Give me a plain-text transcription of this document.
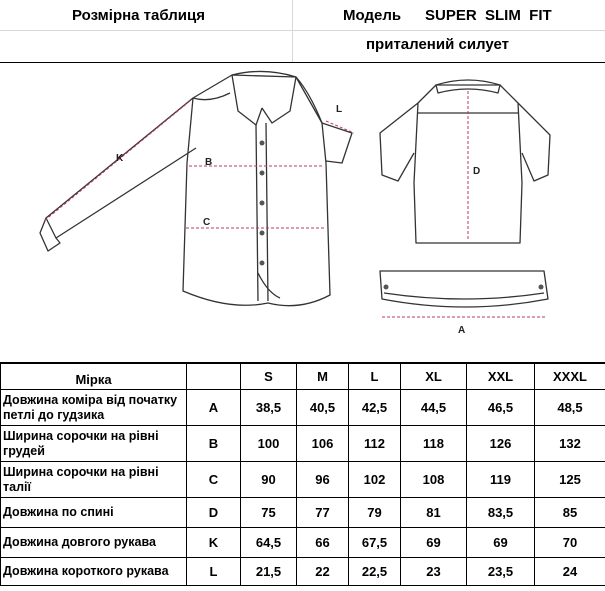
Розмірна таблиця	Модель SUPER  SLIM  FIT
приталений силует
K	B
C
L
D
A
Мірка		S	M	L	XL	XXL	XXXL
Довжина коміра від початку петлі до гудзика	A	38,5	40,5	42,5	44,5	46,5	48,5
Ширина сорочки на рівні грудей	B	100	106	112	118	126	132
Ширина сорочки на рівні талії	C	90	96	102	108	119	125
Довжина по спині	D	75	77	79	81	83,5	85
Довжина довгого рукава	K	64,5	66	67,5	69	69	70
Довжина короткого рукава	L	21,5	22	22,5	23	23,5	24
